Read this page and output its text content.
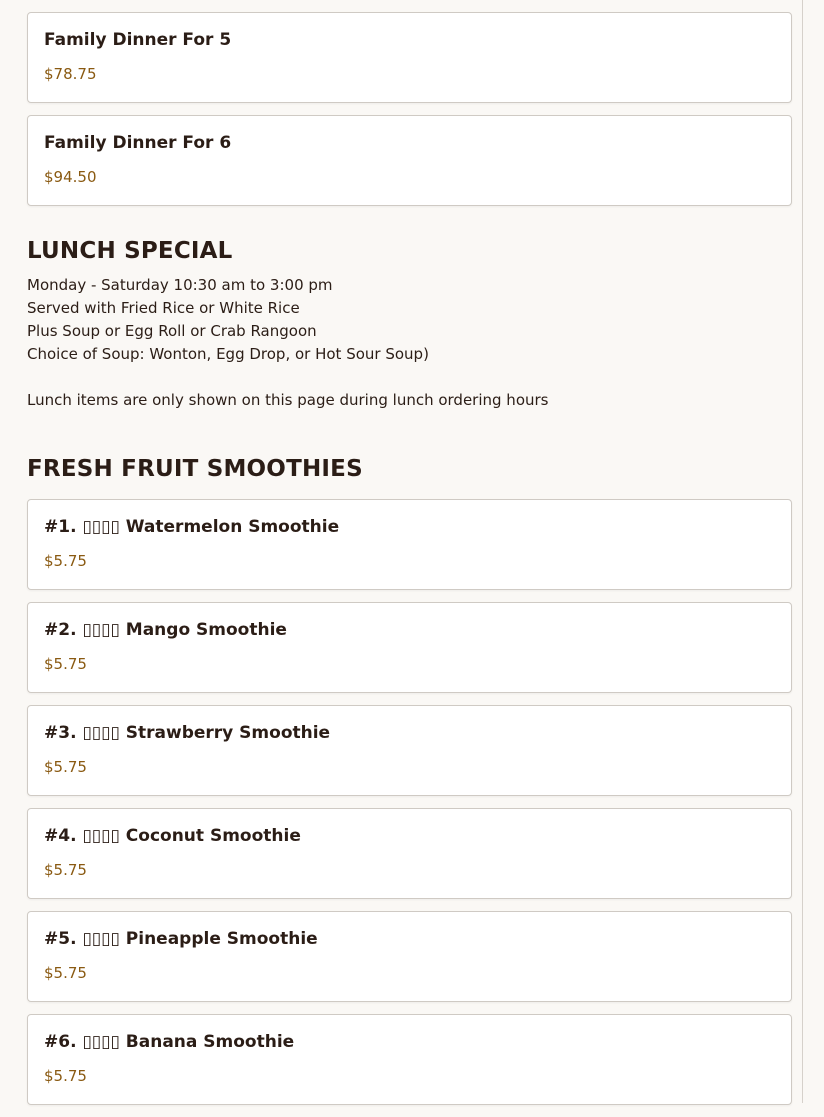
Family Dinner For 5
$78.75
Family Dinner For 6
$94.50
LUNCH SPECIAL
Monday - Saturday 10:30 am to 3:00 pm
Served with Fried Rice or White Rice
Plus Soup or Egg Roll or Crab Rangoon
Choice of Soup: Wonton, Egg Drop, or Hot Sour Soup)
Lunch items are only shown on this page during lunch ordering hours
FRESH FRUIT SMOOTHIES
#1. ▯▯▯▯ Watermelon Smoothie
$5.75
#2. ▯▯▯▯ Mango Smoothie
$5.75
#3. ▯▯▯▯ Strawberry Smoothie
$5.75
#4. ▯▯▯▯ Coconut Smoothie
$5.75
#5. ▯▯▯▯ Pineapple Smoothie
$5.75
#6. ▯▯▯▯ Banana Smoothie
$5.75
